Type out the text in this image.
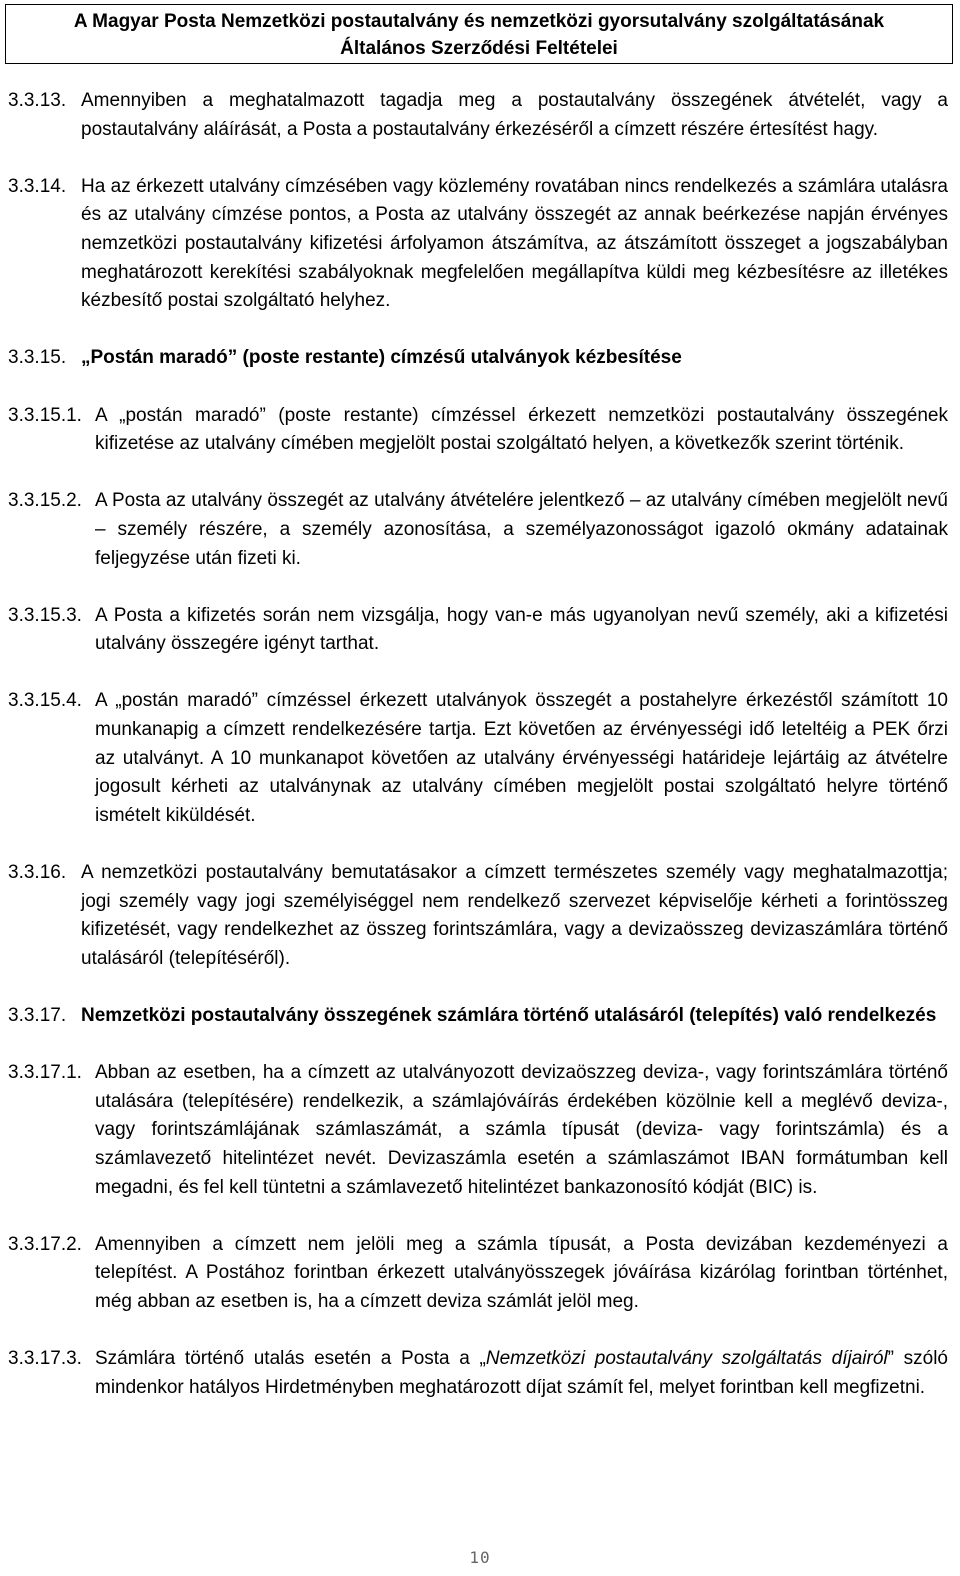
A Magyar Posta Nemzetközi postautalvány és nemzetközi gyorsutalvány szolgáltatásának
Általános Szerződési Feltételei
3.3.13. Amennyiben a meghatalmazott tagadja meg a postautalvány összegének átvételét, vagy a postautalvány aláírását, a Posta a postautalvány érkezéséről a címzett részére értesítést hagy.
3.3.14. Ha az érkezett utalvány címzésében vagy közlemény rovatában nincs rendelkezés a számlára utalásra és az utalvány címzése pontos, a Posta az utalvány összegét az annak beérkezése napján érvényes nemzetközi postautalvány kifizetési árfolyamon átszámítva, az átszámított összeget a jogszabályban meghatározott kerekítési szabályoknak megfelelően megállapítva küldi meg kézbesítésre az illetékes kézbesítő postai szolgáltató helyhez.
3.3.15. „Postán maradó” (poste restante) címzésű utalványok kézbesítése
3.3.15.1. A „postán maradó” (poste restante) címzéssel érkezett nemzetközi postautalvány összegének kifizetése az utalvány címében megjelölt postai szolgáltató helyen, a következők szerint történik.
3.3.15.2. A Posta az utalvány összegét az utalvány átvételére jelentkező – az utalvány címében megjelölt nevű – személy részére, a személy azonosítása, a személyazonosságot igazoló okmány adatainak feljegyzése után fizeti ki.
3.3.15.3. A Posta a kifizetés során nem vizsgálja, hogy van-e más ugyanolyan nevű személy, aki a kifizetési utalvány összegére igényt tarthat.
3.3.15.4. A „postán maradó” címzéssel érkezett utalványok összegét a postahelyre érkezéstől számított 10 munkanapig a címzett rendelkezésére tartja. Ezt követően az érvényességi idő leteltéig a PEK őrzi az utalványt. A 10 munkanapot követően az utalvány érvényességi határideje lejártáig az átvételre jogosult kérheti az utalványnak az utalvány címében megjelölt postai szolgáltató helyre történő ismételt kiküldését.
3.3.16. A nemzetközi postautalvány bemutatásakor a címzett természetes személy vagy meghatalmazottja; jogi személy vagy jogi személyiséggel nem rendelkező szervezet képviselője kérheti a forintösszeg kifizetését, vagy rendelkezhet az összeg forintszámlára, vagy a devizaösszeg devizaszámlára történő utalásáról (telepítéséről).
3.3.17. Nemzetközi postautalvány összegének számlára történő utalásáról (telepítés) való rendelkezés
3.3.17.1. Abban az esetben, ha a címzett az utalványozott devizaöszzeg deviza-, vagy forintszámlára történő utalására (telepítésére) rendelkezik, a számlajóváírás érdekében közölnie kell a meglévő deviza-, vagy forintszámlájának számlaszámát, a számla típusát (deviza- vagy forintszámla) és a számlavezető hitelintézet nevét. Devizaszámla esetén a számlaszámot IBAN formátumban kell megadni, és fel kell tüntetni a számlavezető hitelintézet bankazonosító kódját (BIC) is.
3.3.17.2. Amennyiben a címzett nem jelöli meg a számla típusát, a Posta devizában kezdeményezi a telepítést. A Postához forintban érkezett utalványösszegek jóváírása kizárólag forintban történhet, még abban az esetben is, ha a címzett deviza számlát jelöl meg.
3.3.17.3. Számlára történő utalás esetén a Posta a „Nemzetközi postautalvány szolgáltatás díjairól” szóló mindenkor hatályos Hirdetményben meghatározott díjat számít fel, melyet forintban kell megfizetni.
10
